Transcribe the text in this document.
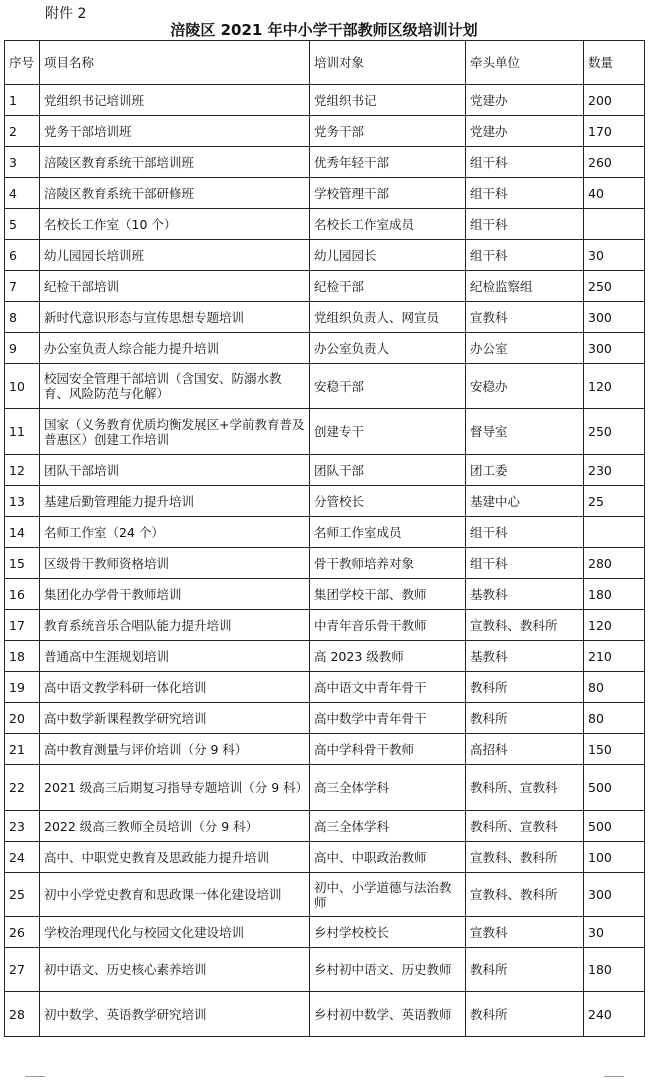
附件 2
涪陵区 2021 年中小学干部教师区级培训计划
序号	项目名称	培训对象	牵头单位	数量
1	党组织书记培训班	党组织书记	党建办	200
2	党务干部培训班	党务干部	党建办	170
3	涪陵区教育系统干部培训班	优秀年轻干部	组干科	260
4	涪陵区教育系统干部研修班	学校管理干部	组干科	40
5	名校长工作室（10 个）	名校长工作室成员	组干科	
6	幼儿园园长培训班	幼儿园园长	组干科	30
7	纪检干部培训	纪检干部	纪检监察组	250
8	新时代意识形态与宣传思想专题培训	党组织负责人、网宣员	宣教科	300
9	办公室负责人综合能力提升培训	办公室负责人	办公室	300
10	校园安全管理干部培训（含国安、防溺水教育、风险防范与化解）	安稳干部	安稳办	120
11	国家（义务教育优质均衡发展区+学前教育普及普惠区）创建工作培训	创建专干	督导室	250
12	团队干部培训	团队干部	团工委	230
13	基建后勤管理能力提升培训	分管校长	基建中心	25
14	名师工作室（24 个）	名师工作室成员	组干科	
15	区级骨干教师资格培训	骨干教师培养对象	组干科	280
16	集团化办学骨干教师培训	集团学校干部、教师	基教科	180
17	教育系统音乐合唱队能力提升培训	中青年音乐骨干教师	宣教科、教科所	120
18	普通高中生涯规划培训	高 2023 级教师	基教科	210
19	高中语文教学科研一体化培训	高中语文中青年骨干	教科所	80
20	高中数学新课程教学研究培训	高中数学中青年骨干	教科所	80
21	高中教育测量与评价培训（分 9 科）	高中学科骨干教师	高招科	150
22	2021 级高三后期复习指导专题培训（分 9 科）	高三全体学科	教科所、宣教科	500
23	2022 级高三教师全员培训（分 9 科）	高三全体学科	教科所、宣教科	500
24	高中、中职党史教育及思政能力提升培训	高中、中职政治教师	宣教科、教科所	100
25	初中小学党史教育和思政课一体化建设培训	初中、小学道德与法治教师	宣教科、教科所	300
26	学校治理现代化与校园文化建设培训	乡村学校校长	宣教科	30
27	初中语文、历史核心素养培训	乡村初中语文、历史教师	教科所	180
28	初中数学、英语教学研究培训	乡村初中数学、英语教师	教科所	240
